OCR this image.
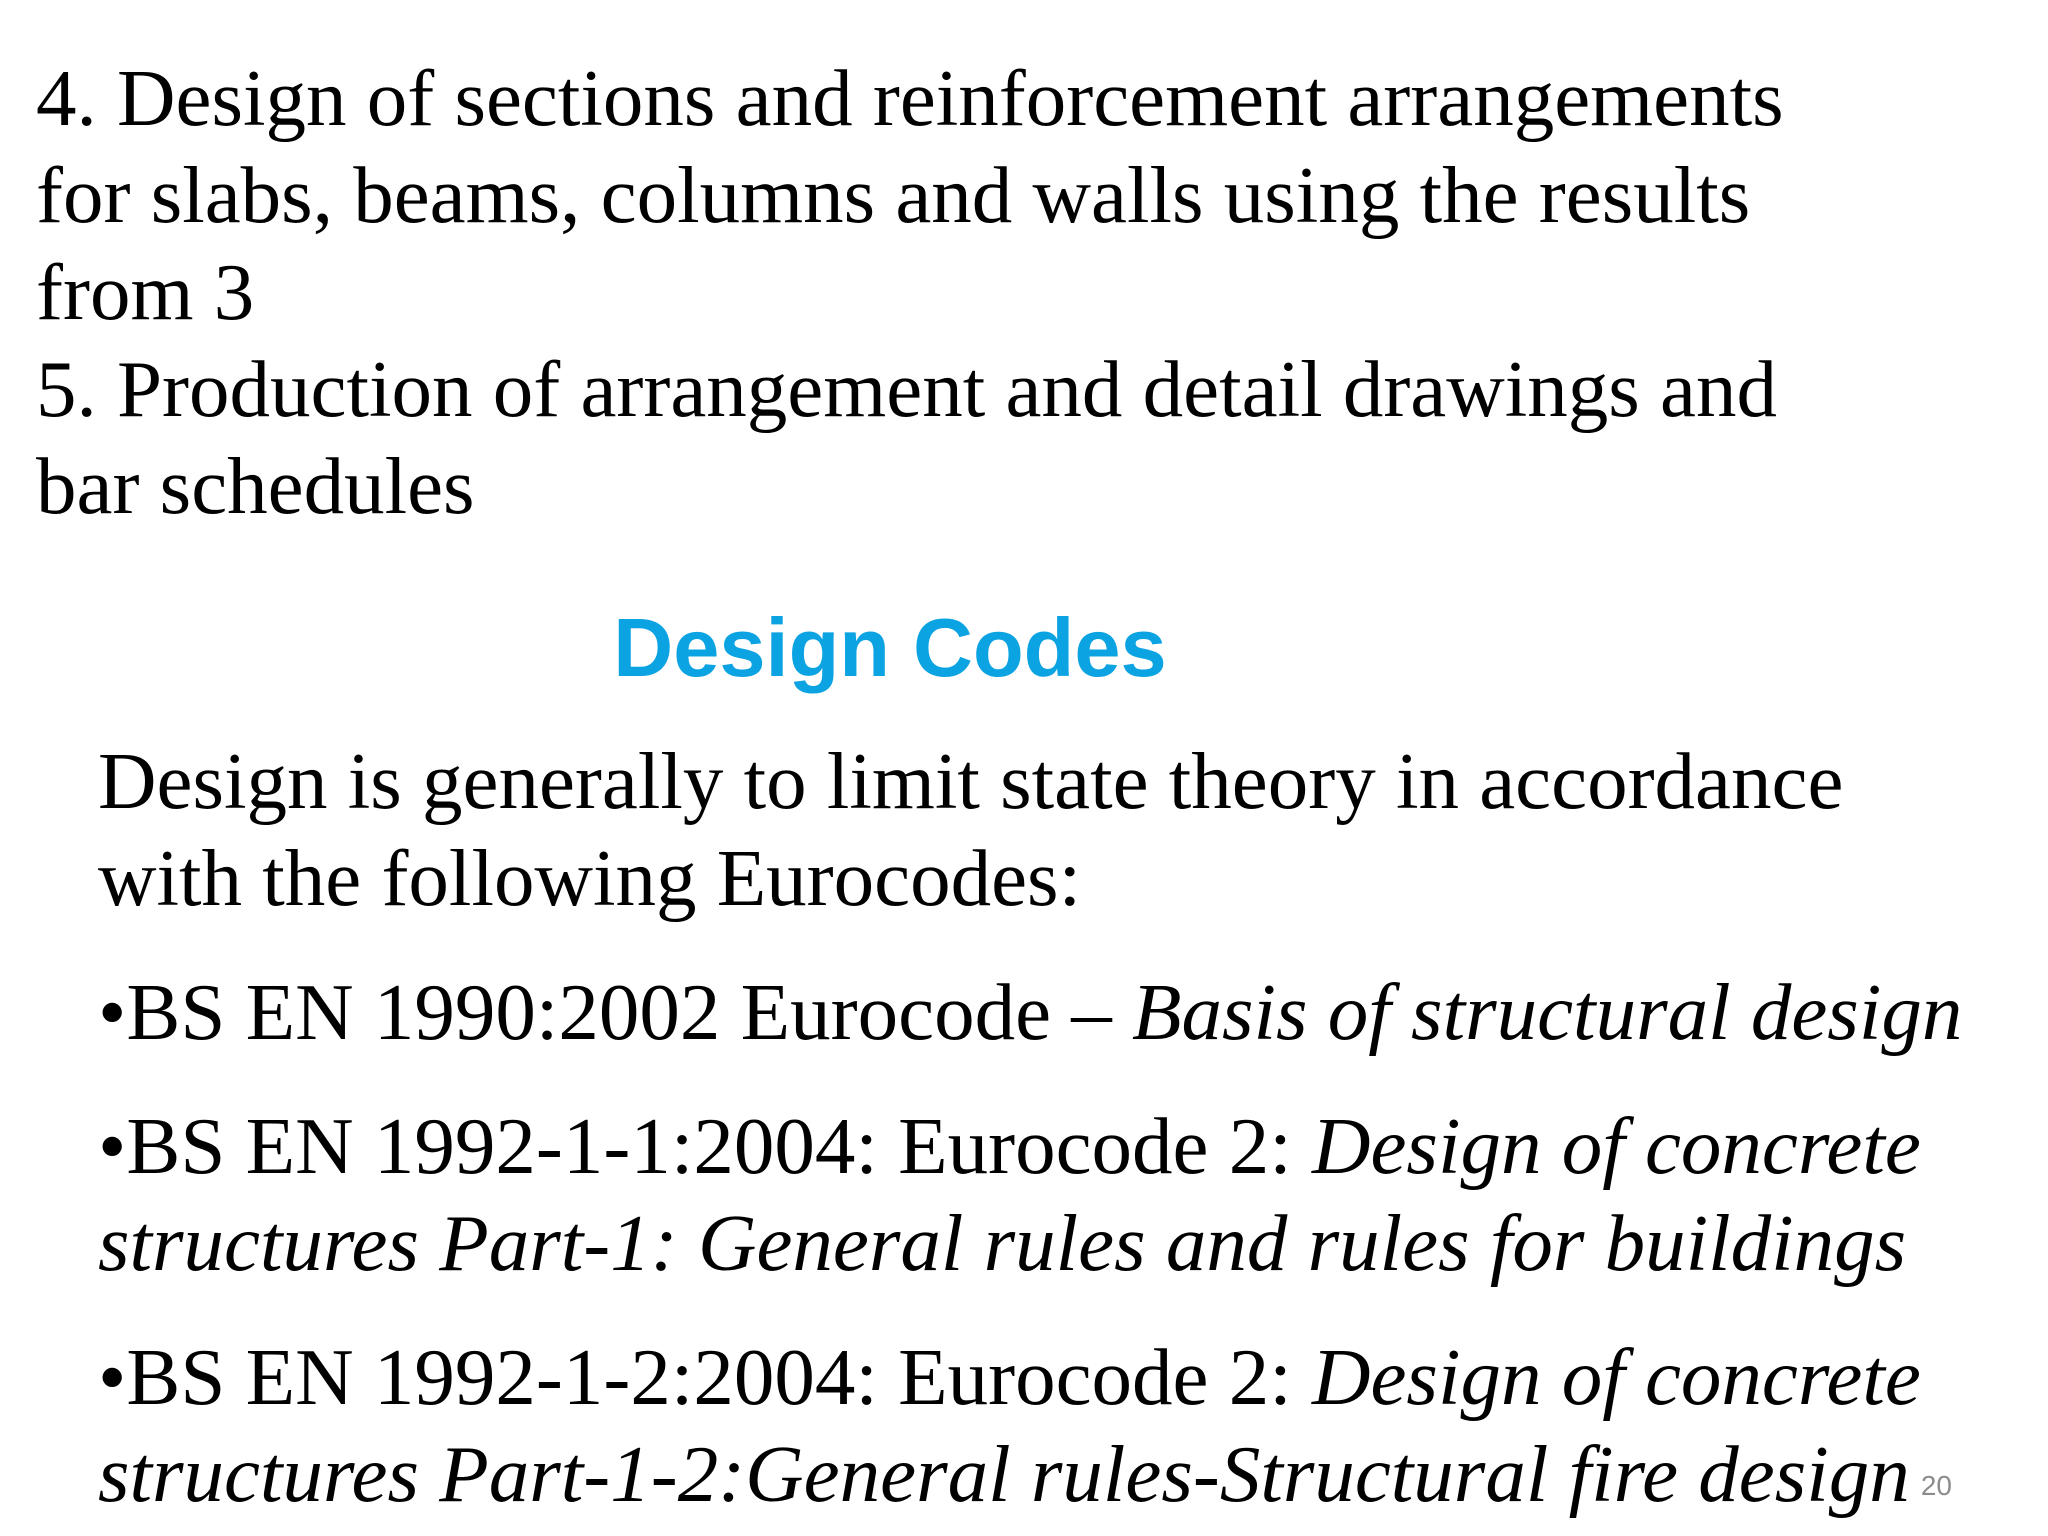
4. Design of sections and reinforcement arrangements

for slabs, beams, columns and walls using the results

from 3

5. Production of arrangement and detail drawings and

bar schedules

Design Codes

Design is generally to limit state theory in accordance
with the following Eurocodes:

•BS EN 1990:2002 Eurocode – Basis of structural design

•BS EN 1992-1-1:2004: Eurocode 2: Design of concrete
structures Part-1: General rules and rules for buildings

•BS EN 1992-1-2:2004: Eurocode 2: Design of concrete
structures Part-1-2:General rules-Structural fire design 20
